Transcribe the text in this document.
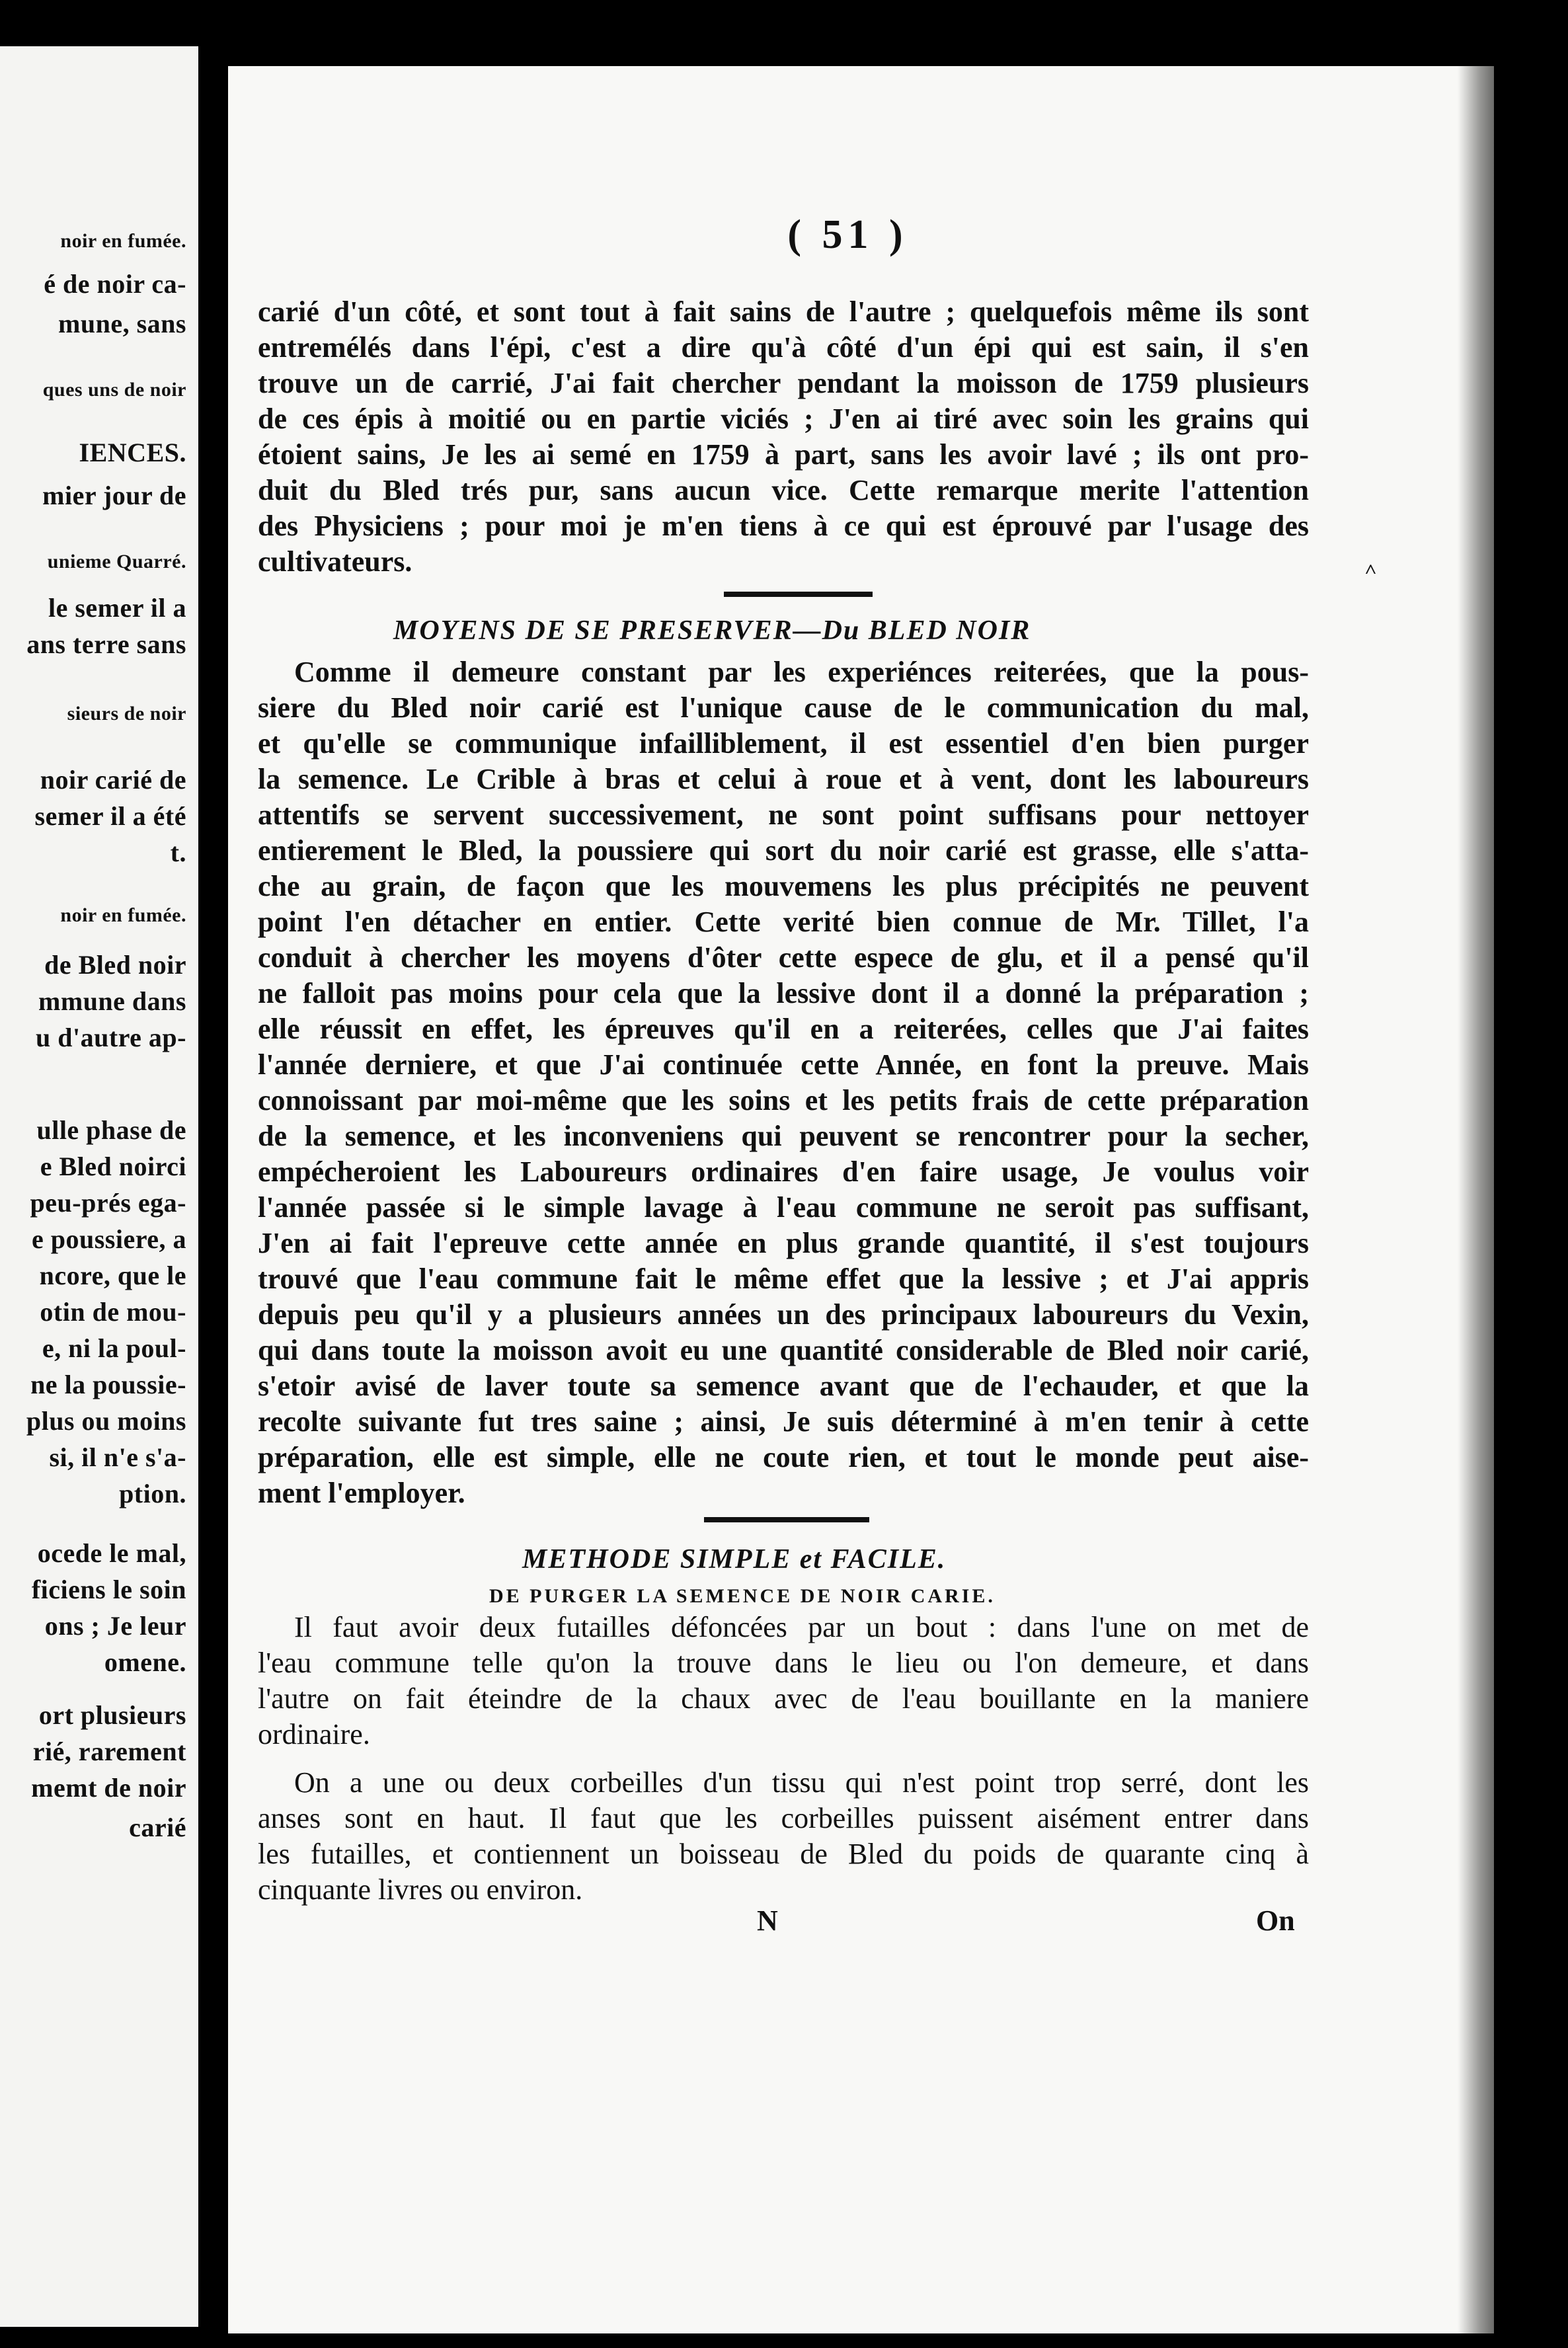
noir en fumée.
é de noir ca-
mune, sans
ques uns de noir
IENCES.
mier jour de
unieme Quarré.
le semer il a
ans terre sans
sieurs de noir
noir carié de
semer il a été
t.
noir en fumée.
de Bled noir
mmune dans
u d'autre ap-
ulle phase de
e Bled noirci
peu-prés ega-
e poussiere, a
ncore, que le
otin de mou-
e, ni la poul-
ne la poussie-
plus ou moins
si, il n'e s'a-
ption.
ocede le mal,
ficiens le soin
ons ; Je leur
omene.
ort plusieurs
rié, rarement
memt de noir
carié
( 51 )
carié d'un côté, et sont tout à fait sains de l'autre ; quelquefois même ils sont
entremélés dans l'épi, c'est a dire qu'à côté d'un épi qui est sain, il s'en
trouve un de carrié, J'ai fait chercher pendant la moisson de 1759 plusieurs
de ces épis à moitié ou en partie viciés ; J'en ai tiré avec soin les grains qui
étoient sains, Je les ai semé en 1759 à part, sans les avoir lavé ; ils ont pro-
duit du Bled trés pur, sans aucun vice. Cette remarque merite l'attention
des Physiciens ; pour moi je m'en tiens à ce qui est éprouvé par l'usage des
cultivateurs.
MOYENS DE SE PRESERVER—Du BLED NOIR
Comme il demeure constant par les experiénces reiterées, que la pous-
siere du Bled noir carié est l'unique cause de le communication du mal,
et qu'elle se communique infailliblement, il est essentiel d'en bien purger
la semence. Le Crible à bras et celui à roue et à vent, dont les laboureurs
attentifs se servent successivement, ne sont point suffisans pour nettoyer
entierement le Bled, la poussiere qui sort du noir carié est grasse, elle s'atta-
che au grain, de façon que les mouvemens les plus précipités ne peuvent
point l'en détacher en entier. Cette verité bien connue de Mr. Tillet, l'a
conduit à chercher les moyens d'ôter cette espece de glu, et il a pensé qu'il
ne falloit pas moins pour cela que la lessive dont il a donné la préparation ;
elle réussit en effet, les épreuves qu'il en a reiterées, celles que J'ai faites
l'année derniere, et que J'ai continuée cette Année, en font la preuve. Mais
connoissant par moi-même que les soins et les petits frais de cette préparation
de la semence, et les inconveniens qui peuvent se rencontrer pour la secher,
empécheroient les Laboureurs ordinaires d'en faire usage, Je voulus voir
l'année passée si le simple lavage à l'eau commune ne seroit pas suffisant,
J'en ai fait l'epreuve cette année en plus grande quantité, il s'est toujours
trouvé que l'eau commune fait le même effet que la lessive ; et J'ai appris
depuis peu qu'il y a plusieurs années un des principaux laboureurs du Vexin,
qui dans toute la moisson avoit eu une quantité considerable de Bled noir carié,
s'etoir avisé de laver toute sa semence avant que de l'echauder, et que la
recolte suivante fut tres saine ; ainsi, Je suis déterminé à m'en tenir à cette
préparation, elle est simple, elle ne coute rien, et tout le monde peut aise-
ment l'employer.
METHODE SIMPLE et FACILE.
DE PURGER LA SEMENCE DE NOIR CARIE.
Il faut avoir deux futailles défoncées par un bout : dans l'une on met de
l'eau commune telle qu'on la trouve dans le lieu ou l'on demeure, et dans
l'autre on fait éteindre de la chaux avec de l'eau bouillante en la maniere
ordinaire.
On a une ou deux corbeilles d'un tissu qui n'est point trop serré, dont les
anses sont en haut. Il faut que les corbeilles puissent aisément entrer dans
les futailles, et contiennent un boisseau de Bled du poids de quarante cinq à
cinquante livres ou environ.
N	On
˄
